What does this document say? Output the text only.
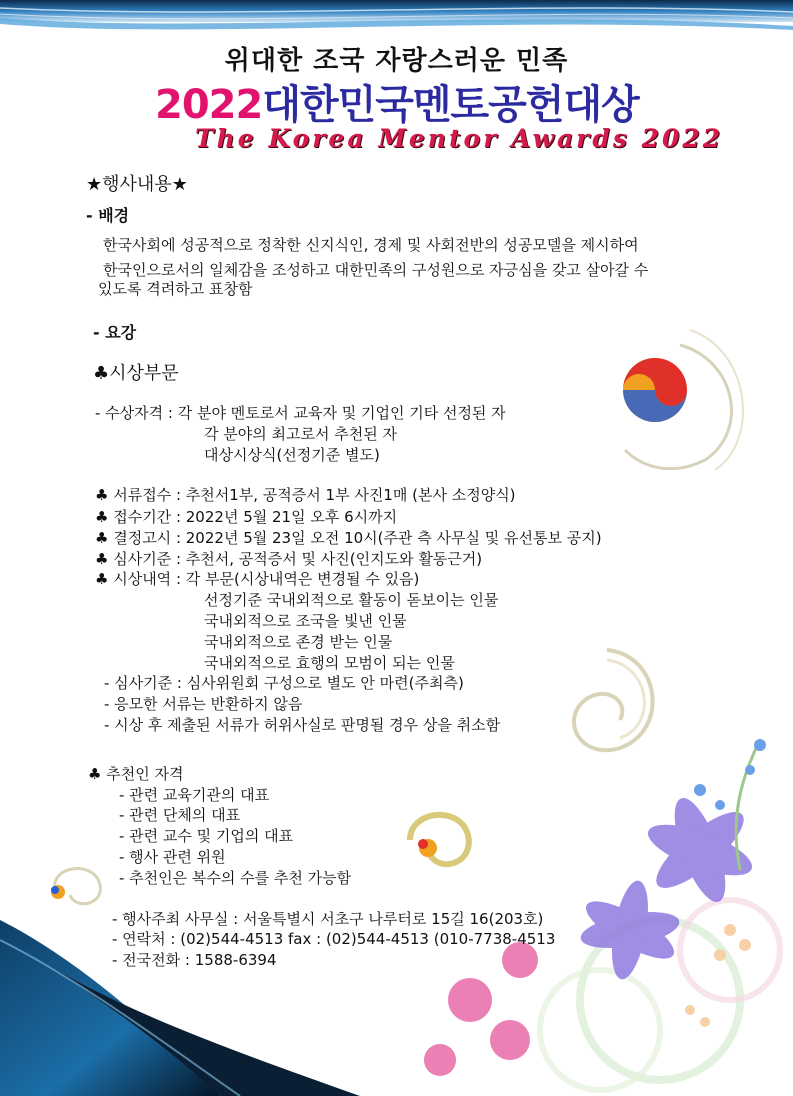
위대한 조국 자랑스러운 민족
2022대한민국멘토공헌대상
The Korea Mentor Awards 2022
★행사내용★
- 배경
한국사회에 성공적으로 정착한 신지식인, 경제 및 사회전반의 성공모델을 제시하여
한국인으로서의 일체감을 조성하고 대한민족의 구성원으로 자긍심을 갖고 살아갈 수
있도록 격려하고 표창함
- 요강
♣시상부문
- 수상자격 : 각 분야 멘토로서 교육자 및 기업인 기타 선정된 자
각 분야의 최고로서 추천된 자
대상시상식(선정기준 별도)
♣ 서류접수 : 추천서1부, 공적증서 1부 사진1매 (본사 소정양식)
♣ 접수기간 : 2022년 5월 21일 오후 6시까지
♣ 결정고시 : 2022년 5월 23일 오전 10시(주관 측 사무실 및 유선통보 공지)
♣ 심사기준 : 추천서, 공적증서 및 사진(인지도와 활동근거)
♣ 시상내역 : 각 부문(시상내역은 변경될 수 있음)
선정기준 국내외적으로 활동이 돋보이는 인물
국내외적으로 조국을 빛낸 인물
국내외적으로 존경 받는 인물
국내외적으로 효행의 모범이 되는 인물
- 심사기준 : 심사위원회 구성으로 별도 안 마련(주최측)
- 응모한 서류는 반환하지 않음
- 시상 후 제출된 서류가 허위사실로 판명될 경우 상을 취소함
♣ 추천인 자격
- 관련 교육기관의 대표
- 관련 단체의 대표
- 관련 교수 및 기업의 대표
- 행사 관련 위원
- 추천인은 복수의 수를 추천 가능함
- 행사주최 사무실 : 서울특별시 서초구 나루터로 15길 16(203호)
- 연락처 : (02)544-4513 fax : (02)544-4513 (010-7738-4513
- 전국전화 : 1588-6394
